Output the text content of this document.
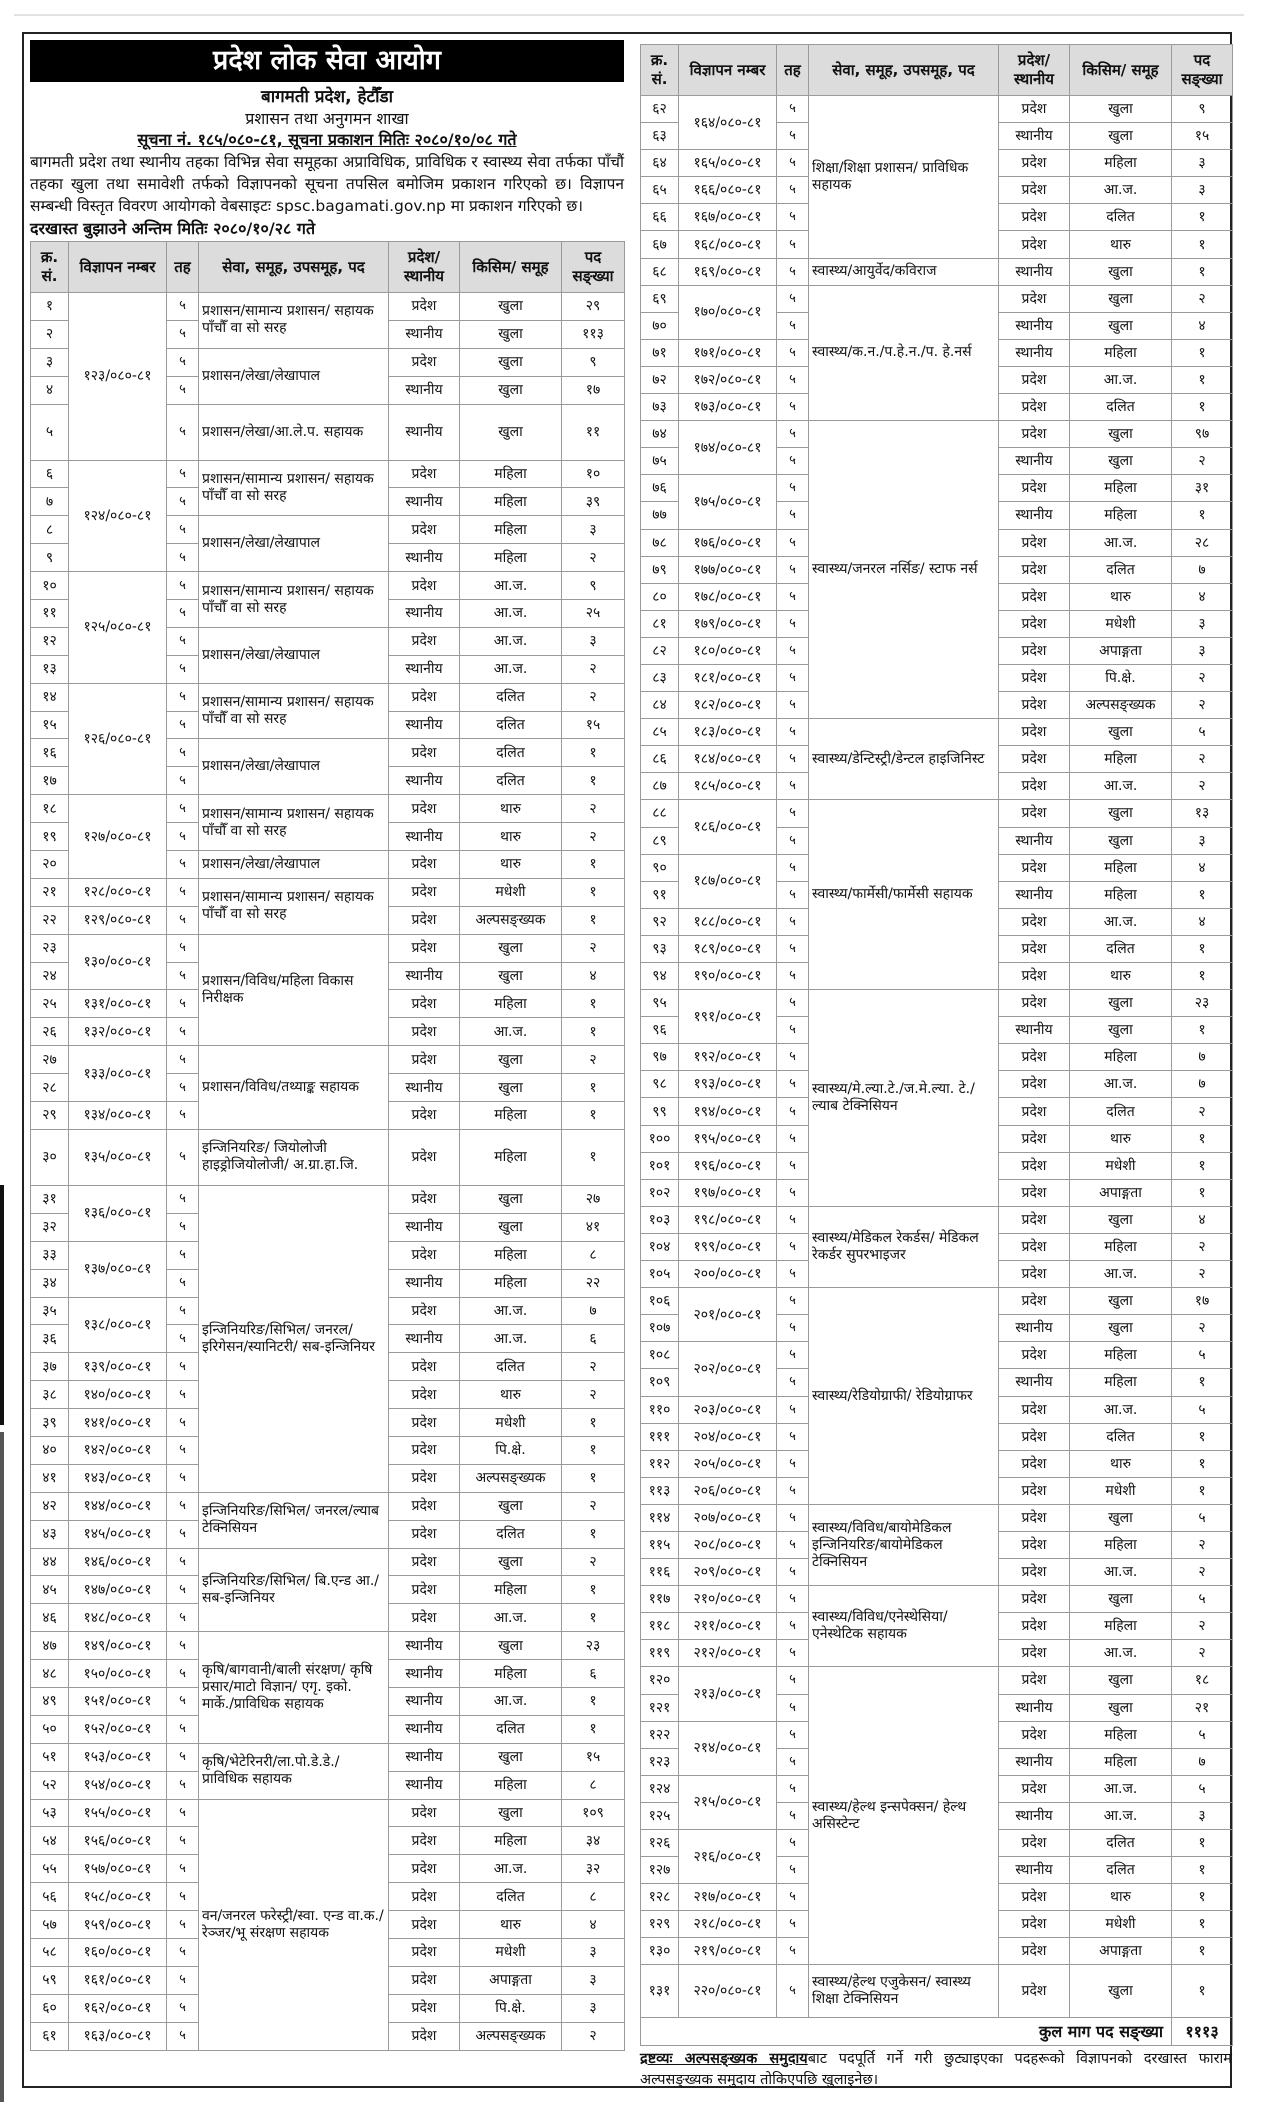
प्रदेश लोक सेवा आयोग
बागमती प्रदेश, हेटौँडा
प्रशासन तथा अनुगमन शाखा
सूचना नं. १८५/०८०-८१, सूचना प्रकाशन मितिः २०८०/१०/०८ गते
बागमती प्रदेश तथा स्थानीय तहका विभिन्न सेवा समूहका अप्राविधिक, प्राविधिक र स्वास्थ्य सेवा तर्फका पाँचौं तहका खुला तथा समावेशी तर्फको विज्ञापनको सूचना तपसिल बमोजिम प्रकाशन गरिएको छ। विज्ञापन सम्बन्धी विस्तृत विवरण आयोगको वेबसाइटः spsc.bagamati.gov.np मा प्रकाशन गरिएको छ।
दरखास्त बुझाउने अन्तिम मितिः २०८०/१०/२८ गते
क्र. सं.	विज्ञापन नम्बर	तह	सेवा, समूह, उपसमूह, पद	प्रदेश/ स्थानीय	किसिम/ समूह	पद सङ्ख्या
१	१२३/०८०-८१	५	प्रशासन/सामान्य प्रशासन/ सहायक पाँचौँ वा सो सरह	प्रदेश	खुला	२९
२		५		स्थानीय	खुला	११३
३		५	प्रशासन/लेखा/लेखापाल	प्रदेश	खुला	९
४		५		स्थानीय	खुला	१७
५		५	प्रशासन/लेखा/आ.ले.प. सहायक	स्थानीय	खुला	११
६	१२४/०८०-८१	५	प्रशासन/सामान्य प्रशासन/ सहायक पाँचौँ वा सो सरह	प्रदेश	महिला	१०
७		५		स्थानीय	महिला	३९
८		५	प्रशासन/लेखा/लेखापाल	प्रदेश	महिला	३
९		५		स्थानीय	महिला	२
१०	१२५/०८०-८१	५	प्रशासन/सामान्य प्रशासन/ सहायक पाँचौँ वा सो सरह	प्रदेश	आ.ज.	९
११		५		स्थानीय	आ.ज.	२५
१२		५	प्रशासन/लेखा/लेखापाल	प्रदेश	आ.ज.	३
१३		५		स्थानीय	आ.ज.	२
१४	१२६/०८०-८१	५	प्रशासन/सामान्य प्रशासन/ सहायक पाँचौँ वा सो सरह	प्रदेश	दलित	२
१५		५		स्थानीय	दलित	१५
१६		५	प्रशासन/लेखा/लेखापाल	प्रदेश	दलित	१
१७		५		स्थानीय	दलित	१
१८	१२७/०८०-८१	५	प्रशासन/सामान्य प्रशासन/ सहायक पाँचौँ वा सो सरह	प्रदेश	थारु	२
१९		५		स्थानीय	थारु	२
२०		५	प्रशासन/लेखा/लेखापाल	प्रदेश	थारु	१
२१	१२८/०८०-८१	५	प्रशासन/सामान्य प्रशासन/ सहायक पाँचौँ वा सो सरह	प्रदेश	मधेशी	१
२२	१२९/०८०-८१	५		प्रदेश	अल्पसङ्ख्यक	१
२३	१३०/०८०-८१	५	प्रशासन/विविध/महिला विकास निरीक्षक	प्रदेश	खुला	२
२४		५		स्थानीय	खुला	४
२५	१३१/०८०-८१	५		प्रदेश	महिला	१
२६	१३२/०८०-८१	५		प्रदेश	आ.ज.	१
२७	१३३/०८०-८१	५	प्रशासन/विविध/तथ्याङ्क सहायक	प्रदेश	खुला	२
२८		५		स्थानीय	खुला	१
२९	१३४/०८०-८१	५		प्रदेश	महिला	१
३०	१३५/०८०-८१	५	इन्जिनियरिङ/ जियोलोजी हाइड्रोजियोलोजी/ अ.ग्रा.हा.जि.	प्रदेश	महिला	१
३१	१३६/०८०-८१	५	इन्जिनियरिङ/सिभिल/ जनरल/इरिगेसन/स्यानिटरी/ सब-इन्जिनियर	प्रदेश	खुला	२७
३२		५		स्थानीय	खुला	४१
३३	१३७/०८०-८१	५		प्रदेश	महिला	८
३४		५		स्थानीय	महिला	२२
३५	१३८/०८०-८१	५		प्रदेश	आ.ज.	७
३६		५		स्थानीय	आ.ज.	६
३७	१३९/०८०-८१	५		प्रदेश	दलित	२
३८	१४०/०८०-८१	५		प्रदेश	थारु	२
३९	१४१/०८०-८१	५		प्रदेश	मधेशी	१
४०	१४२/०८०-८१	५		प्रदेश	पि.क्षे.	१
४१	१४३/०८०-८१	५		प्रदेश	अल्पसङ्ख्यक	१
४२	१४४/०८०-८१	५	इन्जिनियरिङ/सिभिल/ जनरल/ल्याब टेक्निसियन	प्रदेश	खुला	२
४३	१४५/०८०-८१	५		प्रदेश	दलित	१
४४	१४६/०८०-८१	५	इन्जिनियरिङ/सिभिल/ बि.एन्ड आ./सब-इन्जिनियर	प्रदेश	खुला	२
४५	१४७/०८०-८१	५		प्रदेश	महिला	१
४६	१४८/०८०-८१	५		प्रदेश	आ.ज.	१
४७	१४९/०८०-८१	५	कृषि/बागवानी/बाली संरक्षण/ कृषि प्रसार/माटो विज्ञान/ एगृ. इको. मार्के./प्राविधिक सहायक	स्थानीय	खुला	२३
४८	१५०/०८०-८१	५		स्थानीय	महिला	६
४९	१५१/०८०-८१	५		स्थानीय	आ.ज.	१
५०	१५२/०८०-८१	५		स्थानीय	दलित	१
५१	१५३/०८०-८१	५	कृषि/भेटेरिनरी/ला.पो.डे.डे./ प्राविधिक सहायक	स्थानीय	खुला	१५
५२	१५४/०८०-८१	५		स्थानीय	महिला	८
५३	१५५/०८०-८१	५	वन/जनरल फरेस्ट्री/स्वा. एन्ड वा.क./रेञ्जर/भू संरक्षण सहायक	प्रदेश	खुला	१०९
५४	१५६/०८०-८१	५		प्रदेश	महिला	३४
५५	१५७/०८०-८१	५		प्रदेश	आ.ज.	३२
५६	१५८/०८०-८१	५		प्रदेश	दलित	८
५७	१५९/०८०-८१	५		प्रदेश	थारु	४
५८	१६०/०८०-८१	५		प्रदेश	मधेशी	३
५९	१६१/०८०-८१	५		प्रदेश	अपाङ्गता	३
६०	१६२/०८०-८१	५		प्रदेश	पि.क्षे.	३
६१	१६३/०८०-८१	५		प्रदेश	अल्पसङ्ख्यक	२
क्र. सं.	विज्ञापन नम्बर	तह	सेवा, समूह, उपसमूह, पद	प्रदेश/ स्थानीय	किसिम/ समूह	पद सङ्ख्या
६२	१६४/०८०-८१	५	शिक्षा/शिक्षा प्रशासन/ प्राविधिक सहायक	प्रदेश	खुला	९
६३		५		स्थानीय	खुला	१५
६४	१६५/०८०-८१	५		प्रदेश	महिला	३
६५	१६६/०८०-८१	५		प्रदेश	आ.ज.	३
६६	१६७/०८०-८१	५		प्रदेश	दलित	१
६७	१६८/०८०-८१	५		प्रदेश	थारु	१
६८	१६९/०८०-८१	५	स्वास्थ्य/आयुर्वेद/कविराज	स्थानीय	खुला	१
६९	१७०/०८०-८१	५	स्वास्थ्य/क.न./प.हे.न./प. हे.नर्स	प्रदेश	खुला	२
७०		५		स्थानीय	खुला	४
७१	१७१/०८०-८१	५		स्थानीय	महिला	१
७२	१७२/०८०-८१	५		प्रदेश	आ.ज.	१
७३	१७३/०८०-८१	५		प्रदेश	दलित	१
७४	१७४/०८०-८१	५	स्वास्थ्य/जनरल नर्सिङ/ स्टाफ नर्स	प्रदेश	खुला	९७
७५		५		स्थानीय	खुला	२
७६	१७५/०८०-८१	५		प्रदेश	महिला	३१
७७		५		स्थानीय	महिला	१
७८	१७६/०८०-८१	५		प्रदेश	आ.ज.	२८
७९	१७७/०८०-८१	५		प्रदेश	दलित	७
८०	१७८/०८०-८१	५		प्रदेश	थारु	४
८१	१७९/०८०-८१	५		प्रदेश	मधेशी	३
८२	१८०/०८०-८१	५		प्रदेश	अपाङ्गता	३
८३	१८१/०८०-८१	५		प्रदेश	पि.क्षे.	२
८४	१८२/०८०-८१	५		प्रदेश	अल्पसङ्ख्यक	२
८५	१८३/०८०-८१	५	स्वास्थ्य/डेन्टिस्ट्री/डेन्टल हाइजिनिस्ट	प्रदेश	खुला	५
८६	१८४/०८०-८१	५		प्रदेश	महिला	२
८७	१८५/०८०-८१	५		प्रदेश	आ.ज.	२
८८	१८६/०८०-८१	५	स्वास्थ्य/फार्मेसी/फार्मेसी सहायक	प्रदेश	खुला	१३
८९		५		स्थानीय	खुला	३
९०	१८७/०८०-८१	५		प्रदेश	महिला	४
९१		५		स्थानीय	महिला	१
९२	१८८/०८०-८१	५		प्रदेश	आ.ज.	४
९३	१८९/०८०-८१	५		प्रदेश	दलित	१
९४	१९०/०८०-८१	५		प्रदेश	थारु	१
९५	१९१/०८०-८१	५	स्वास्थ्य/मे.ल्या.टे./ज.मे.ल्या. टे./ल्याब टेक्निसियन	प्रदेश	खुला	२३
९६		५		स्थानीय	खुला	१
९७	१९२/०८०-८१	५		प्रदेश	महिला	७
९८	१९३/०८०-८१	५		प्रदेश	आ.ज.	७
९९	१९४/०८०-८१	५		प्रदेश	दलित	२
१००	१९५/०८०-८१	५		प्रदेश	थारु	१
१०१	१९६/०८०-८१	५		प्रदेश	मधेशी	१
१०२	१९७/०८०-८१	५		प्रदेश	अपाङ्गता	१
१०३	१९८/०८०-८१	५	स्वास्थ्य/मेडिकल रेकर्डस/ मेडिकल रेकर्डर सुपरभाइजर	प्रदेश	खुला	४
१०४	१९९/०८०-८१	५		प्रदेश	महिला	२
१०५	२००/०८०-८१	५		प्रदेश	आ.ज.	२
१०६	२०१/०८०-८१	५	स्वास्थ्य/रेडियोग्राफी/ रेडियोग्राफर	प्रदेश	खुला	१७
१०७		५		स्थानीय	खुला	२
१०८	२०२/०८०-८१	५		प्रदेश	महिला	५
१०९		५		स्थानीय	महिला	१
११०	२०३/०८०-८१	५		प्रदेश	आ.ज.	५
१११	२०४/०८०-८१	५		प्रदेश	दलित	१
११२	२०५/०८०-८१	५		प्रदेश	थारु	१
११३	२०६/०८०-८१	५		प्रदेश	मधेशी	१
११४	२०७/०८०-८१	५	स्वास्थ्य/विविध/बायोमेडिकल इन्जिनियरिङ/बायोमेडिकल टेक्निसियन	प्रदेश	खुला	५
११५	२०८/०८०-८१	५		प्रदेश	महिला	२
११६	२०९/०८०-८१	५		प्रदेश	आ.ज.	२
११७	२१०/०८०-८१	५	स्वास्थ्य/विविध/एनेस्थेसिया/ एनेस्थेटिक सहायक	प्रदेश	खुला	५
११८	२११/०८०-८१	५		प्रदेश	महिला	२
११९	२१२/०८०-८१	५		प्रदेश	आ.ज.	२
१२०	२१३/०८०-८१	५	स्वास्थ्य/हेल्थ इन्सपेक्सन/ हेल्थ असिस्टेन्ट	प्रदेश	खुला	१८
१२१		५		स्थानीय	खुला	२१
१२२	२१४/०८०-८१	५		प्रदेश	महिला	५
१२३		५		स्थानीय	महिला	७
१२४	२१५/०८०-८१	५		प्रदेश	आ.ज.	५
१२५		५		स्थानीय	आ.ज.	३
१२६	२१६/०८०-८१	५		प्रदेश	दलित	१
१२७		५		स्थानीय	दलित	१
१२८	२१७/०८०-८१	५		प्रदेश	थारु	१
१२९	२१८/०८०-८१	५		प्रदेश	मधेशी	१
१३०	२१९/०८०-८१	५		प्रदेश	अपाङ्गता	१
१३१	२२०/०८०-८१	५	स्वास्थ्य/हेल्थ एजुकेसन/ स्वास्थ्य शिक्षा टेक्निसियन	प्रदेश	खुला	१
कुल माग पद सङ्ख्या						१११३
द्रष्टव्यः अल्पसङ्ख्यक समुदायबाट पदपूर्ति गर्ने गरी छुट्याइएका पदहरूको विज्ञापनको दरखास्त फाराम अल्पसङ्ख्यक समुदाय तोकिएपछि खुलाइनेछ।
